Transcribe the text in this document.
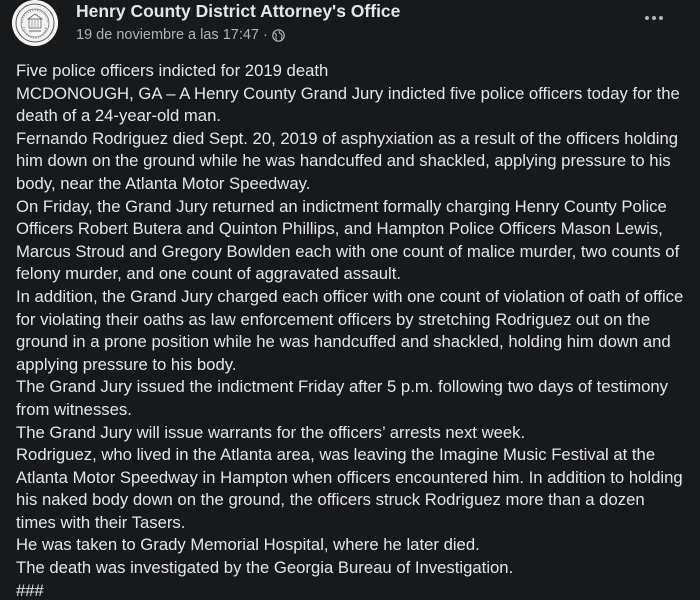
Henry County District Attorney's Office
19 de noviembre a las 17:47 ·

Five police officers indicted for 2019 death

MCDONOUGH, GA – A Henry County Grand Jury indicted five police officers today for the death of a 24-year-old man.

Fernando Rodriguez died Sept. 20, 2019 of asphyxiation as a result of the officers holding him down on the ground while he was handcuffed and shackled, applying pressure to his body, near the Atlanta Motor Speedway.

On Friday, the Grand Jury returned an indictment formally charging Henry County Police Officers Robert Butera and Quinton Phillips, and Hampton Police Officers Mason Lewis, Marcus Stroud and Gregory Bowlden each with one count of malice murder, two counts of felony murder, and one count of aggravated assault.

In addition, the Grand Jury charged each officer with one count of violation of oath of office for violating their oaths as law enforcement officers by stretching Rodriguez out on the ground in a prone position while he was handcuffed and shackled, holding him down and applying pressure to his body.

The Grand Jury issued the indictment Friday after 5 p.m. following two days of testimony from witnesses.

The Grand Jury will issue warrants for the officers’ arrests next week.

Rodriguez, who lived in the Atlanta area, was leaving the Imagine Music Festival at the Atlanta Motor Speedway in Hampton when officers encountered him. In addition to holding his naked body down on the ground, the officers struck Rodriguez more than a dozen times with their Tasers.

He was taken to Grady Memorial Hospital, where he later died.

The death was investigated by the Georgia Bureau of Investigation.

###
